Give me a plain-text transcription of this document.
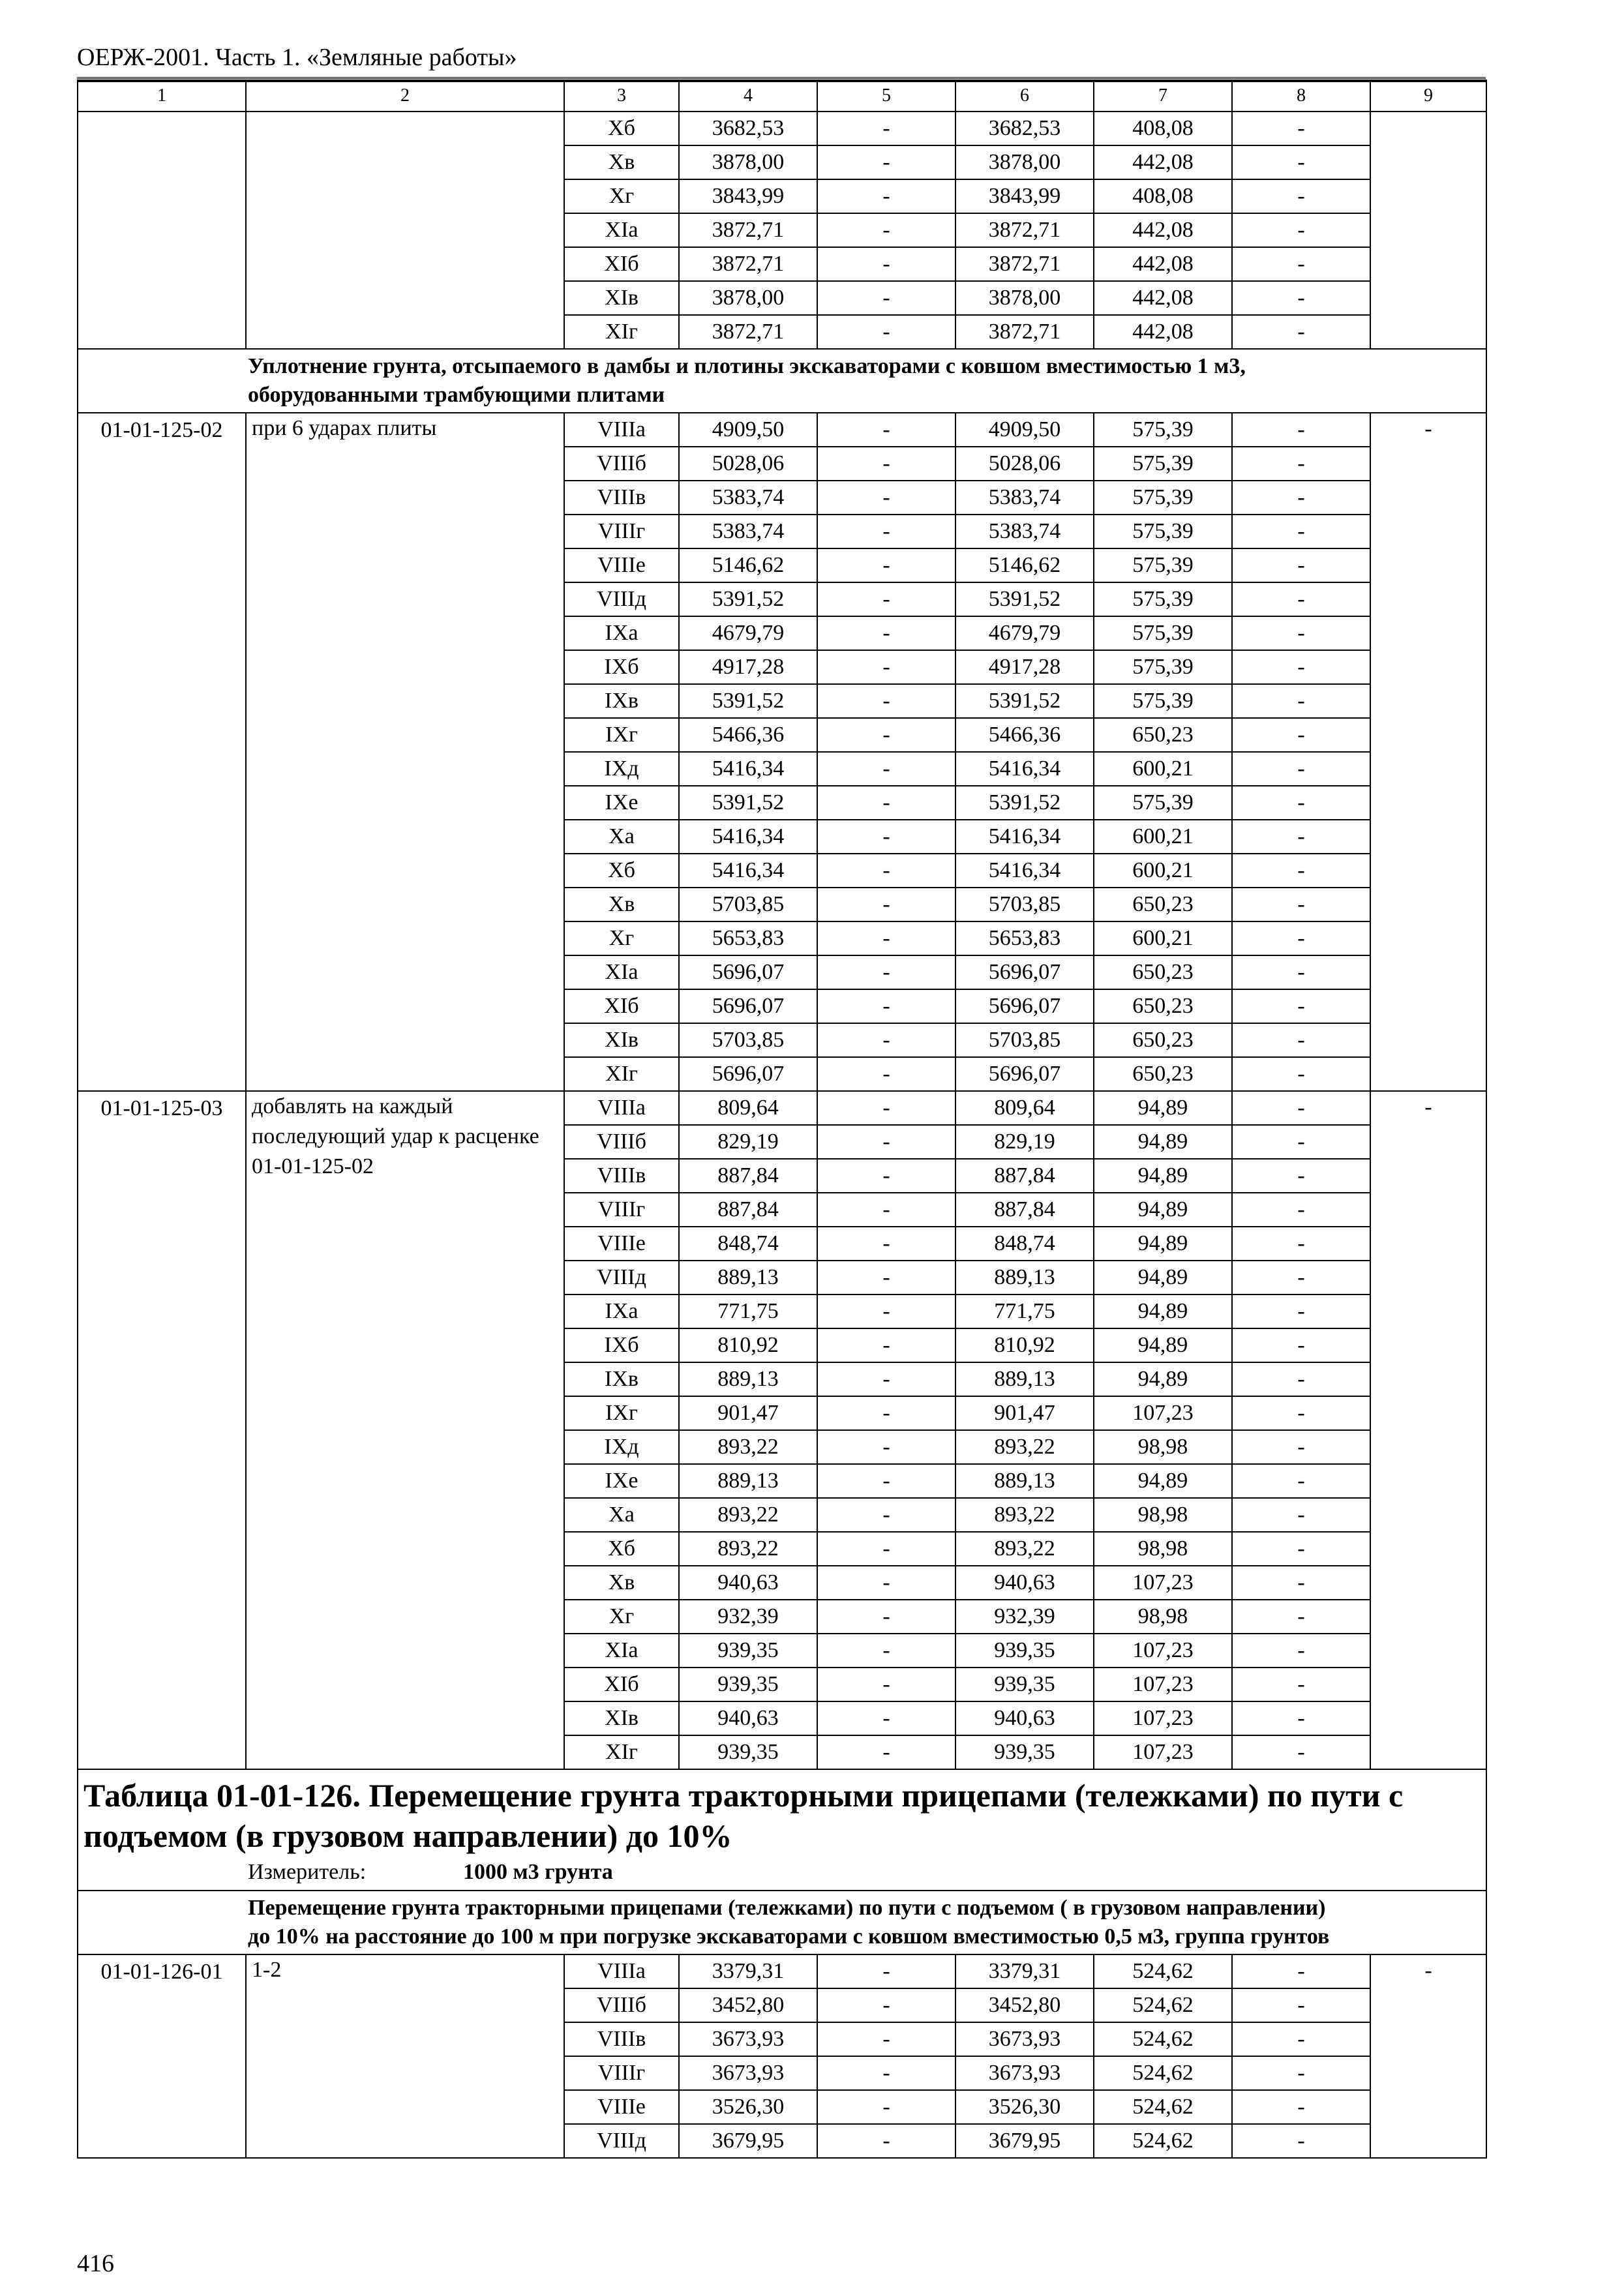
ОЕРЖ-2001. Часть 1. «Земляные работы»
1	2	3	4	5	6	7	8	9
		Xб	3682,53	-	3682,53	408,08	-	
		Xв	3878,00	-	3878,00	442,08	-	
		Xг	3843,99	-	3843,99	408,08	-	
		XIa	3872,71	-	3872,71	442,08	-	
		XIб	3872,71	-	3872,71	442,08	-	
		XIв	3878,00	-	3878,00	442,08	-	
		XIг	3872,71	-	3872,71	442,08	-	

Уплотнение грунта, отсыпаемого в дамбы и плотины экскаваторами с ковшом вместимостью 1 м3,
оборудованными трамбующими плитами								

01-01-125-02	при 6 ударах плиты	VIIIa	4909,50	-	4909,50	575,39	-	-
		VIIIб	5028,06	-	5028,06	575,39	-	
		VIIIв	5383,74	-	5383,74	575,39	-	
		VIIIг	5383,74	-	5383,74	575,39	-	
		VIIIе	5146,62	-	5146,62	575,39	-	
		VIIIд	5391,52	-	5391,52	575,39	-	
		IXa	4679,79	-	4679,79	575,39	-	
		IXб	4917,28	-	4917,28	575,39	-	
		IXв	5391,52	-	5391,52	575,39	-	
		IXг	5466,36	-	5466,36	650,23	-	
		IXд	5416,34	-	5416,34	600,21	-	
		IXе	5391,52	-	5391,52	575,39	-	
		Xa	5416,34	-	5416,34	600,21	-	
		Xб	5416,34	-	5416,34	600,21	-	
		Xв	5703,85	-	5703,85	650,23	-	
		Xг	5653,83	-	5653,83	600,21	-	
		XIa	5696,07	-	5696,07	650,23	-	
		XIб	5696,07	-	5696,07	650,23	-	
		XIв	5703,85	-	5703,85	650,23	-	
		XIг	5696,07	-	5696,07	650,23	-	
01-01-125-03	добавлять на каждый последующий удар к расценке 01-01-125-02	VIIIa	809,64	-	809,64	94,89	-	-
		VIIIб	829,19	-	829,19	94,89	-	
		VIIIв	887,84	-	887,84	94,89	-	
		VIIIг	887,84	-	887,84	94,89	-	
		VIIIе	848,74	-	848,74	94,89	-	
		VIIIд	889,13	-	889,13	94,89	-	
		IXa	771,75	-	771,75	94,89	-	
		IXб	810,92	-	810,92	94,89	-	
		IXв	889,13	-	889,13	94,89	-	
		IXг	901,47	-	901,47	107,23	-	
		IXд	893,22	-	893,22	98,98	-	
		IXе	889,13	-	889,13	94,89	-	
		Xa	893,22	-	893,22	98,98	-	
		Xб	893,22	-	893,22	98,98	-	
		Xв	940,63	-	940,63	107,23	-	
		Xг	932,39	-	932,39	98,98	-	
		XIa	939,35	-	939,35	107,23	-	
		XIб	939,35	-	939,35	107,23	-	
		XIв	940,63	-	940,63	107,23	-	
		XIг	939,35	-	939,35	107,23	-	

Таблица 01-01-126. Перемещение грунта тракторными прицепами (тележками) по пути с подъемом (в грузовом направлении) до 10%
Измеритель: 1000 м3 грунта								

Перемещение грунта тракторными прицепами (тележками) по пути с подъемом ( в грузовом направлении)
до 10% на расстояние до 100 м при погрузке экскаваторами с ковшом вместимостью 0,5 м3, группа грунтов								

01-01-126-01	1-2	VIIIa	3379,31	-	3379,31	524,62	-	-
		VIIIб	3452,80	-	3452,80	524,62	-	
		VIIIв	3673,93	-	3673,93	524,62	-	
		VIIIг	3673,93	-	3673,93	524,62	-	
		VIIIе	3526,30	-	3526,30	524,62	-	
		VIIIд	3679,95	-	3679,95	524,62	-	
416
